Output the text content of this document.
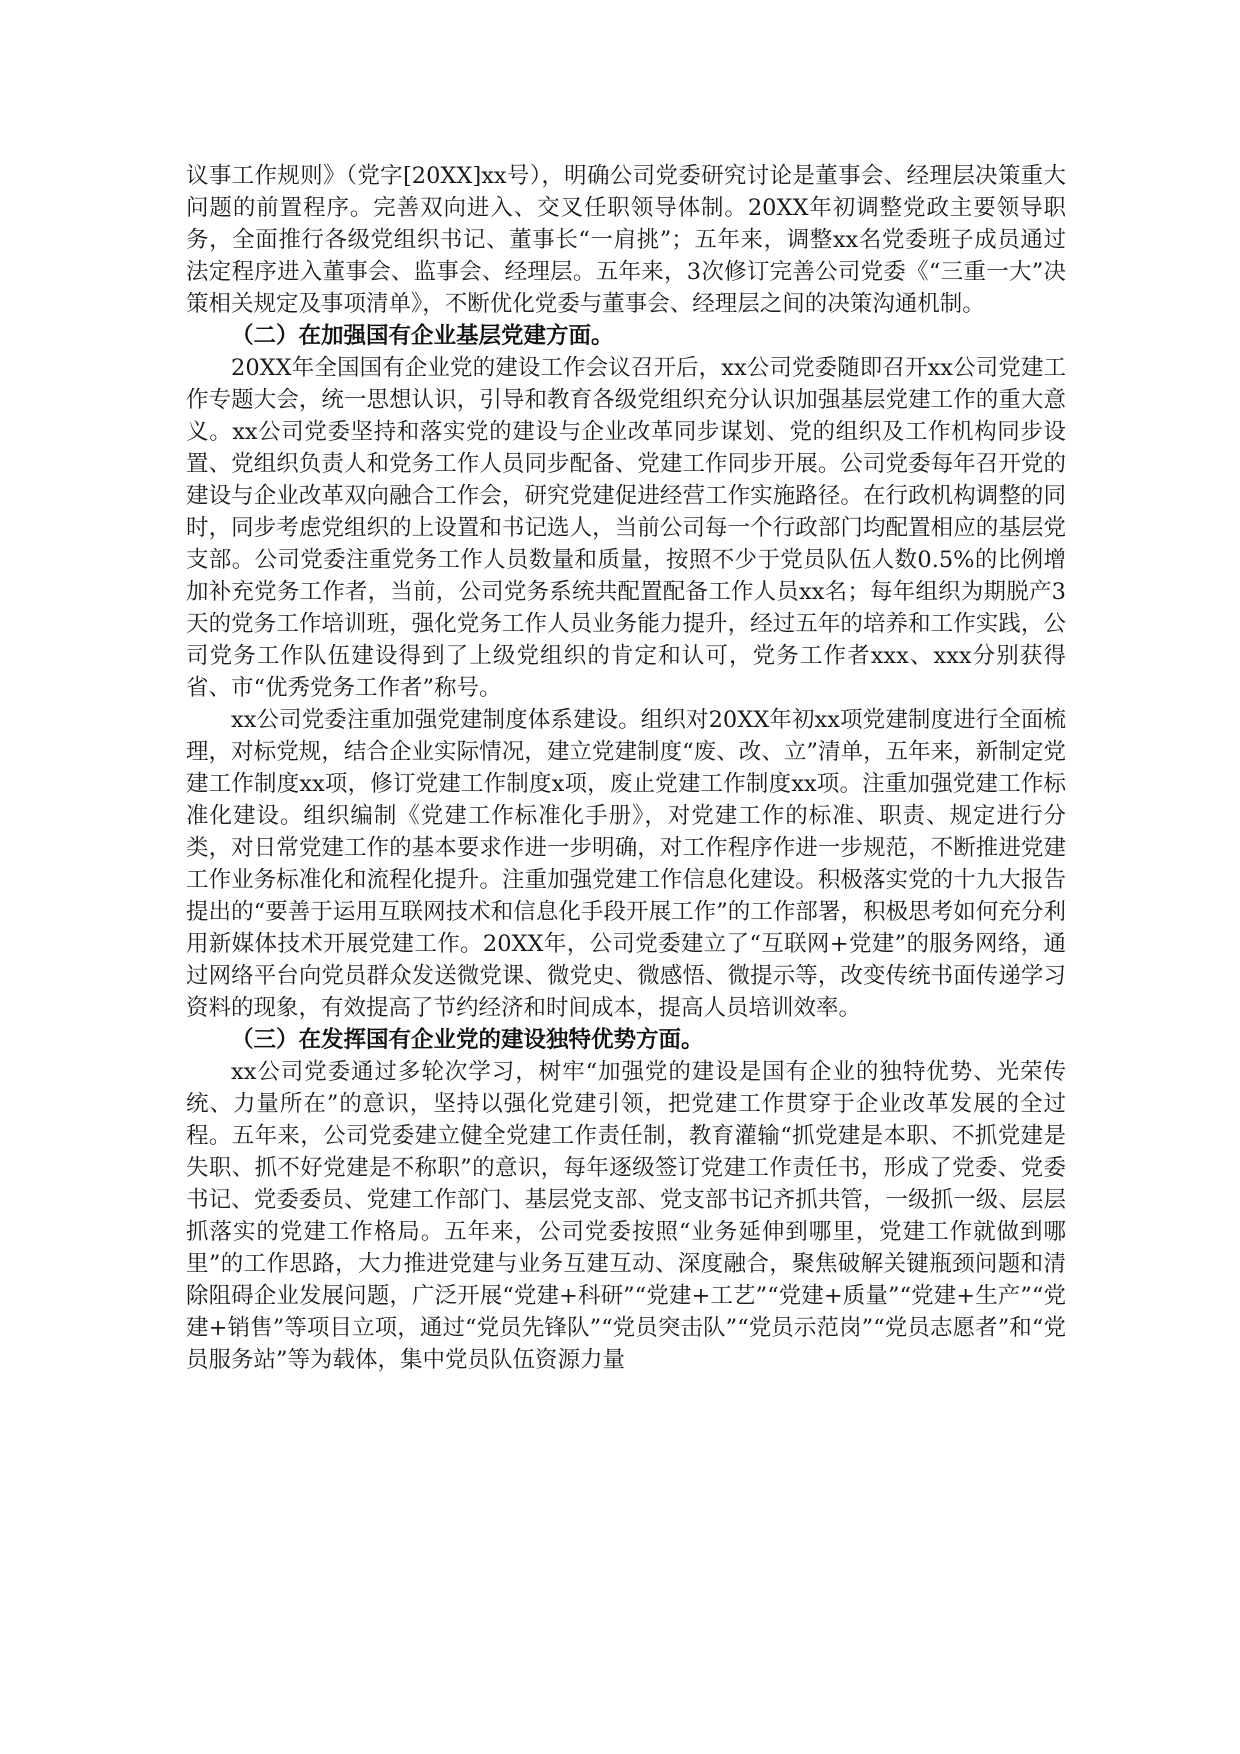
议事工作规则》（党字[20XX]xx号），明确公司党委研究讨论是董事会、经理层决策重大问题的前置程序。完善双向进入、交叉任职领导体制。20XX年初调整党政主要领导职务，全面推行各级党组织书记、董事长“一肩挑”；五年来，调整xx名党委班子成员通过法定程序进入董事会、监事会、经理层。五年来，3次修订完善公司党委《“三重一大”决策相关规定及事项清单》，不断优化党委与董事会、经理层之间的决策沟通机制。

（二）在加强国有企业基层党建方面。

20XX年全国国有企业党的建设工作会议召开后，xx公司党委随即召开xx公司党建工作专题大会，统一思想认识，引导和教育各级党组织充分认识加强基层党建工作的重大意义。xx公司党委坚持和落实党的建设与企业改革同步谋划、党的组织及工作机构同步设置、党组织负责人和党务工作人员同步配备、党建工作同步开展。公司党委每年召开党的建设与企业改革双向融合工作会，研究党建促进经营工作实施路径。在行政机构调整的同时，同步考虑党组织的上设置和书记选人，当前公司每一个行政部门均配置相应的基层党支部。公司党委注重党务工作人员数量和质量，按照不少于党员队伍人数0.5%的比例增加补充党务工作者，当前，公司党务系统共配置配备工作人员xx名；每年组织为期脱产3天的党务工作培训班，强化党务工作人员业务能力提升，经过五年的培养和工作实践，公司党务工作队伍建设得到了上级党组织的肯定和认可，党务工作者xxx、xxx分别获得省、市“优秀党务工作者”称号。

xx公司党委注重加强党建制度体系建设。组织对20XX年初xx项党建制度进行全面梳理，对标党规，结合企业实际情况，建立党建制度“废、改、立”清单，五年来，新制定党建工作制度xx项，修订党建工作制度x项，废止党建工作制度xx项。注重加强党建工作标准化建设。组织编制《党建工作标准化手册》，对党建工作的标准、职责、规定进行分类，对日常党建工作的基本要求作进一步明确，对工作程序作进一步规范，不断推进党建工作业务标准化和流程化提升。注重加强党建工作信息化建设。积极落实党的十九大报告提出的“要善于运用互联网技术和信息化手段开展工作”的工作部署，积极思考如何充分利用新媒体技术开展党建工作。20XX年，公司党委建立了“互联网+党建”的服务网络，通过网络平台向党员群众发送微党课、微党史、微感悟、微提示等，改变传统书面传递学习资料的现象，有效提高了节约经济和时间成本，提高人员培训效率。

（三）在发挥国有企业党的建设独特优势方面。

xx公司党委通过多轮次学习，树牢“加强党的建设是国有企业的独特优势、光荣传统、力量所在”的意识，坚持以强化党建引领，把党建工作贯穿于企业改革发展的全过程。五年来，公司党委建立健全党建工作责任制，教育灌输“抓党建是本职、不抓党建是失职、抓不好党建是不称职”的意识，每年逐级签订党建工作责任书，形成了党委、党委书记、党委委员、党建工作部门、基层党支部、党支部书记齐抓共管，一级抓一级、层层抓落实的党建工作格局。五年来，公司党委按照“业务延伸到哪里，党建工作就做到哪里”的工作思路，大力推进党建与业务互建互动、深度融合，聚焦破解关键瓶颈问题和清除阻碍企业发展问题，广泛开展“党建+科研”“党建+工艺”“党建+质量”“党建+生产”“党建+销售”等项目立项，通过“党员先锋队”“党员突击队”“党员示范岗”“党员志愿者”和“党员服务站”等为载体，集中党员队伍资源力量
